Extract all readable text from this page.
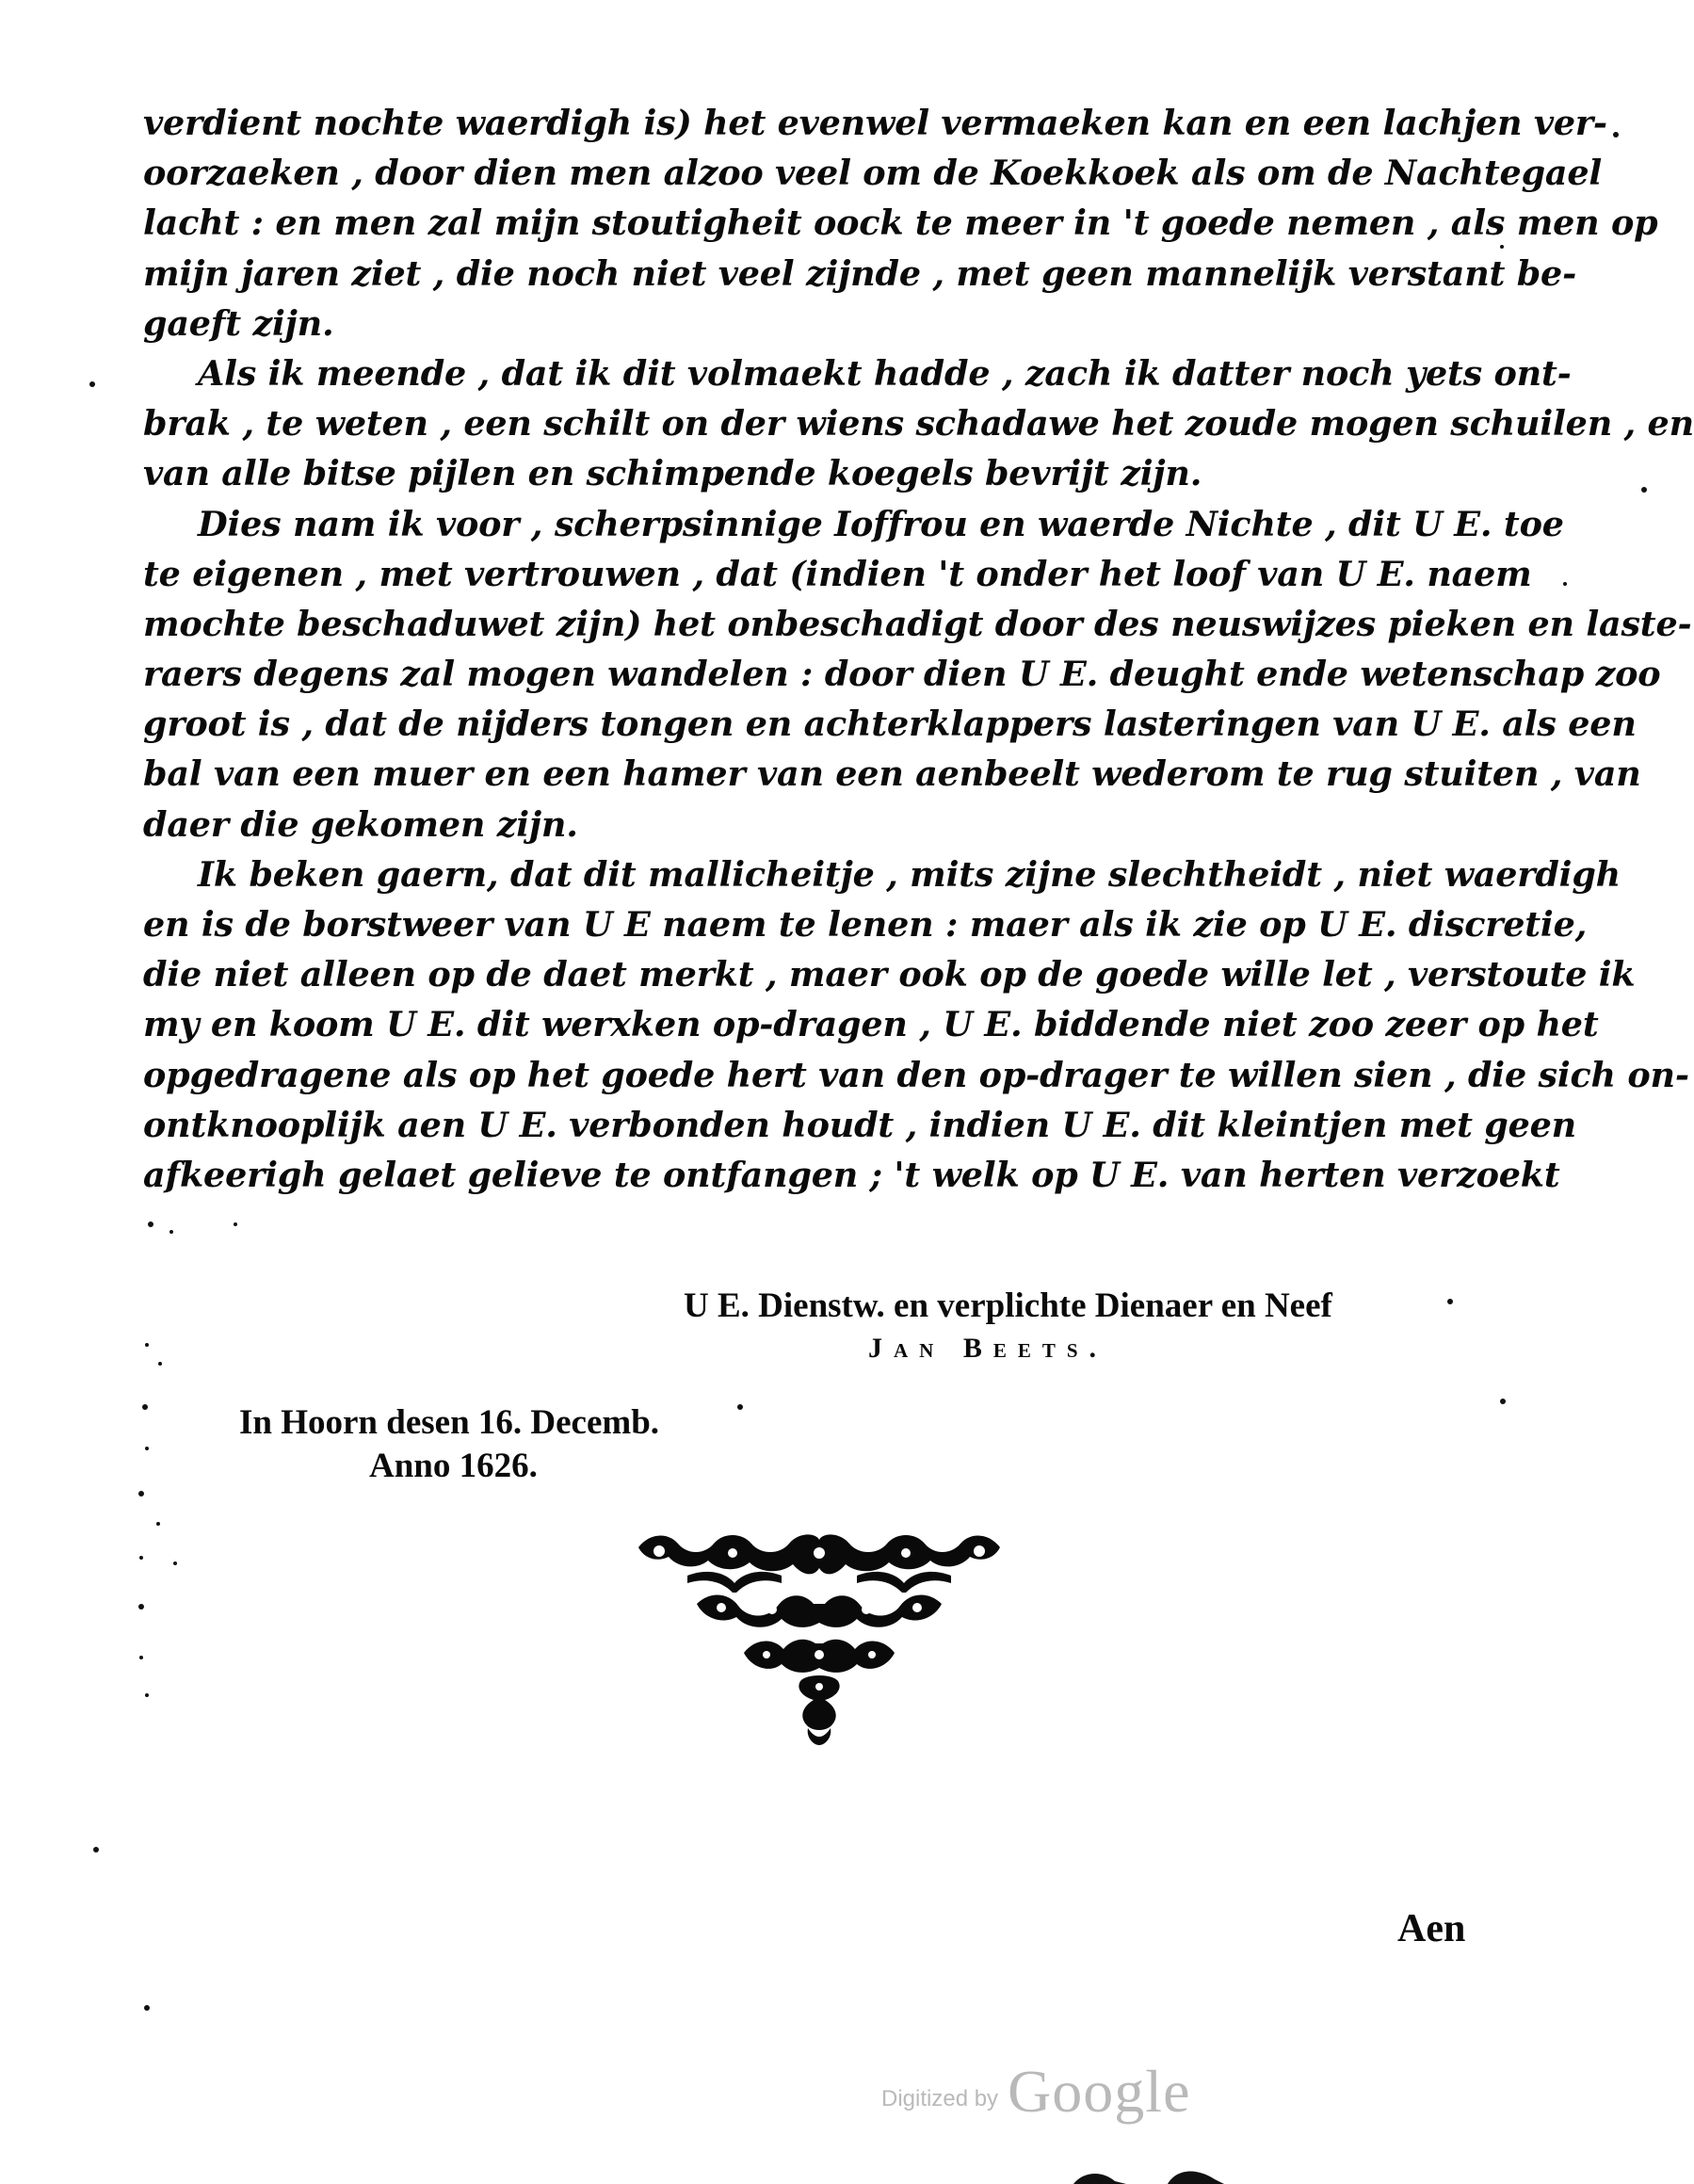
verdient nochte waerdigh is) het evenwel vermaeken kan en een lachjen ver-
oorzaeken , door dien men alzoo veel om de Koekkoek als om de Nachtegael
lacht : en men zal mijn stoutigheit oock te meer in 't goede nemen , als men op
mijn jaren ziet , die noch niet veel zijnde , met geen mannelijk verstant be-
gaeft zijn.
Als ik meende , dat ik dit volmaekt hadde , zach ik datter noch yets ont-
brak , te weten , een schilt on der wiens schadawe het zoude mogen schuilen , en
van alle bitse pijlen en schimpende koegels bevrijt zijn.
Dies nam ik voor , scherpsinnige Ioffrou en waerde Nichte , dit U E. toe
te eigenen , met vertrouwen , dat (indien 't onder het loof van U E. naem
mochte beschaduwet zijn) het onbeschadigt door des neuswijzes pieken en laste-
raers degens zal mogen wandelen : door dien U E. deught ende wetenschap zoo
groot is , dat de nijders tongen en achterklappers lasteringen van U E. als een
bal van een muer en een hamer van een aenbeelt wederom te rug stuiten , van
daer die gekomen zijn.
Ik beken gaern, dat dit mallicheitje , mits zijne slechtheidt , niet waerdigh
en is de borstweer van U E naem te lenen : maer als ik zie op U E. discretie,
die niet alleen op de daet merkt , maer ook op de goede wille let , verstoute ik
my en koom U E. dit werxken op-dragen , U E. biddende niet zoo zeer op het
opgedragene als op het goede hert van den op-drager te willen sien , die sich on-
ontknooplijk aen U E. verbonden houdt , indien U E. dit kleintjen met geen
afkeerigh gelaet gelieve te ontfangen ; 't welk op U E. van herten verzoekt
U E. Dienstw. en verplichte Dienaer en Neef
Jan Beets.
In Hoorn desen 16. Decemb.
Anno 1626.
Aen
Digitized by Google
